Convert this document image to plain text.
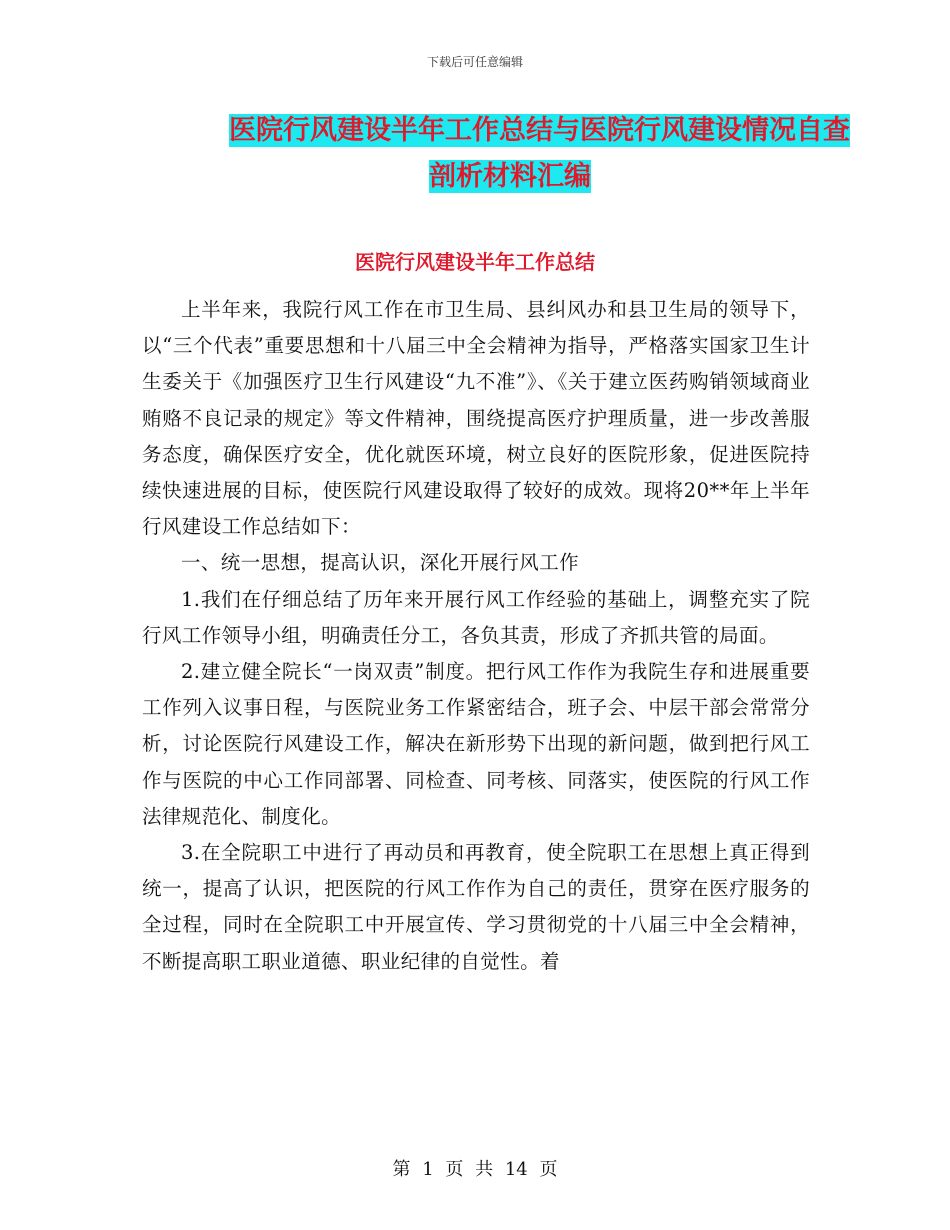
下载后可任意编辑
医院行风建设半年工作总结与医院行风建设情况自查
剖析材料汇编
医院行风建设半年工作总结

上半年来，我院行风工作在市卫生局、县纠风办和县卫生局的领导下，以“三个代表”重要思想和十八届三中全会精神为指导，严格落实国家卫生计生委关于《加强医疗卫生行风建设“九不准”》、《关于建立医药购销领域商业贿赂不良记录的规定》等文件精神，围绕提高医疗护理质量，进一步改善服务态度，确保医疗安全，优化就医环境，树立良好的医院形象，促进医院持续快速进展的目标，使医院行风建设取得了较好的成效。现将20**年上半年行风建设工作总结如下：

一、统一思想，提高认识，深化开展行风工作

1.我们在仔细总结了历年来开展行风工作经验的基础上，调整充实了院行风工作领导小组，明确责任分工，各负其责，形成了齐抓共管的局面。

2.建立健全院长“一岗双责”制度。把行风工作作为我院生存和进展重要工作列入议事日程，与医院业务工作紧密结合，班子会、中层干部会常常分析，讨论医院行风建设工作，解决在新形势下出现的新问题，做到把行风工作与医院的中心工作同部署、同检查、同考核、同落实，使医院的行风工作法律规范化、制度化。

3.在全院职工中进行了再动员和再教育，使全院职工在思想上真正得到统一，提高了认识，把医院的行风工作作为自己的责任，贯穿在医疗服务的全过程，同时在全院职工中开展宣传、学习贯彻党的十八届三中全会精神，不断提高职工职业道德、职业纪律的自觉性。着

第 1 页 共 14 页
